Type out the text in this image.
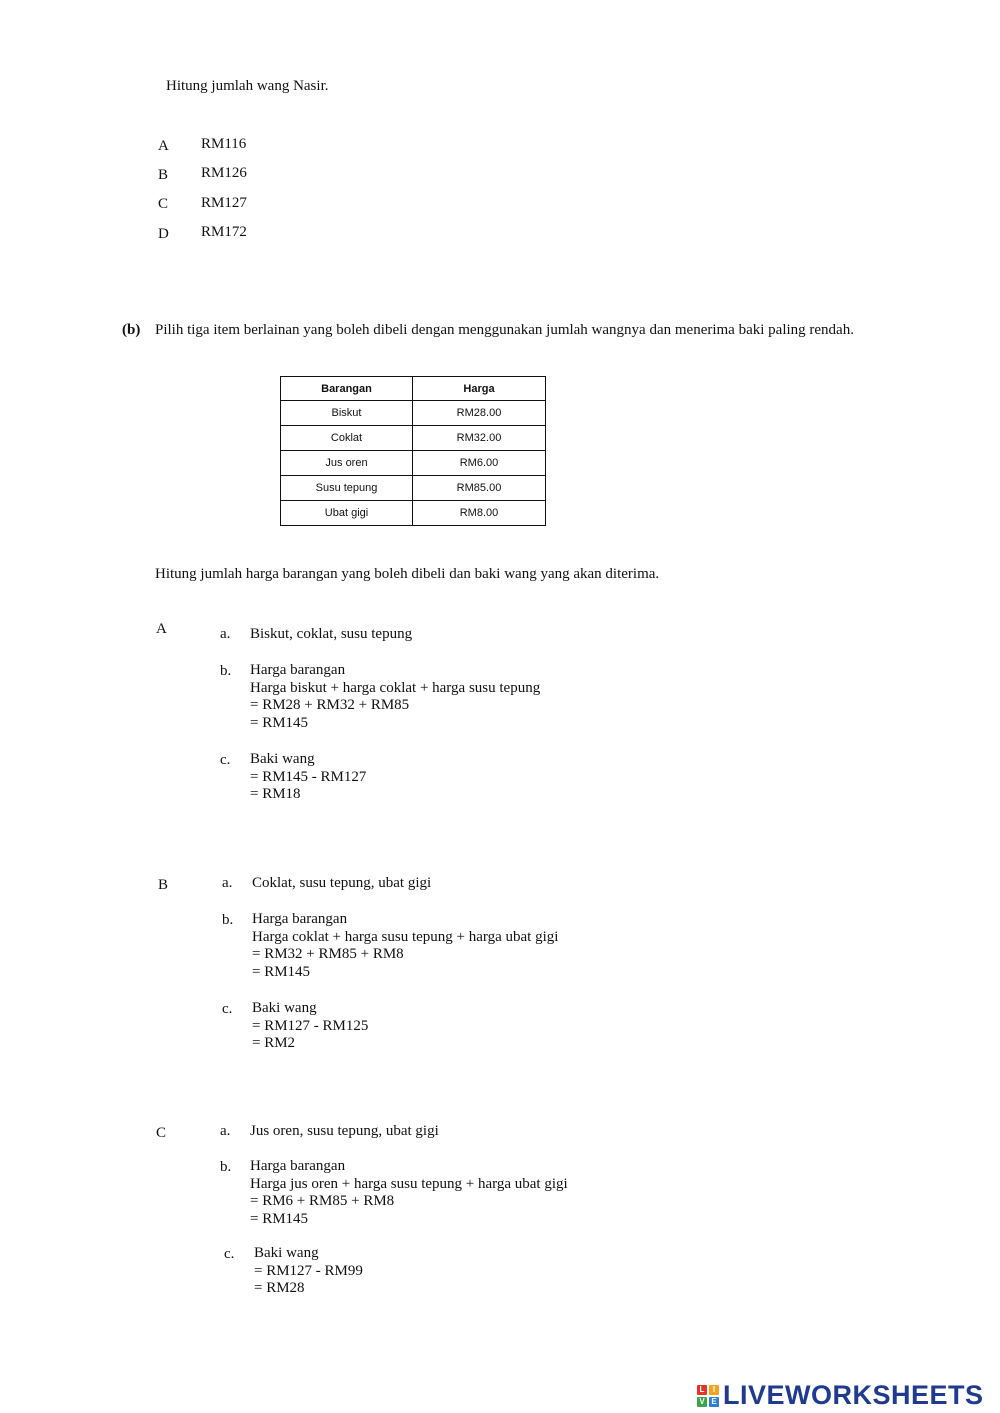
Hitung jumlah wang Nasir.
A RM116
B RM126
C RM127
D RM172
(b) Pilih tiga item berlainan yang boleh dibeli dengan menggunakan jumlah wangnya dan menerima baki paling rendah.
Barangan	Harga
Biskut	RM28.00
Coklat	RM32.00
Jus oren	RM6.00
Susu tepung	RM85.00
Ubat gigi	RM8.00
Hitung jumlah harga barangan yang boleh dibeli dan baki wang yang akan diterima.
A	a. Biskut, coklat, susu tepung
b. Harga barangan
Harga biskut + harga coklat + harga susu tepung
= RM28 + RM32 + RM85
= RM145
c. Baki wang
= RM145 - RM127
= RM18
B	a. Coklat, susu tepung, ubat gigi
b. Harga barangan
Harga coklat + harga susu tepung + harga ubat gigi
= RM32 + RM85 + RM8
= RM145
c. Baki wang
= RM127 - RM125
= RM2
C	a. Jus oren, susu tepung, ubat gigi
b. Harga barangan
Harga jus oren + harga susu tepung + harga ubat gigi
= RM6 + RM85 + RM8
= RM145
c. Baki wang
= RM127 - RM99
= RM28
L	I
V E LIVEWORKSHEETS
